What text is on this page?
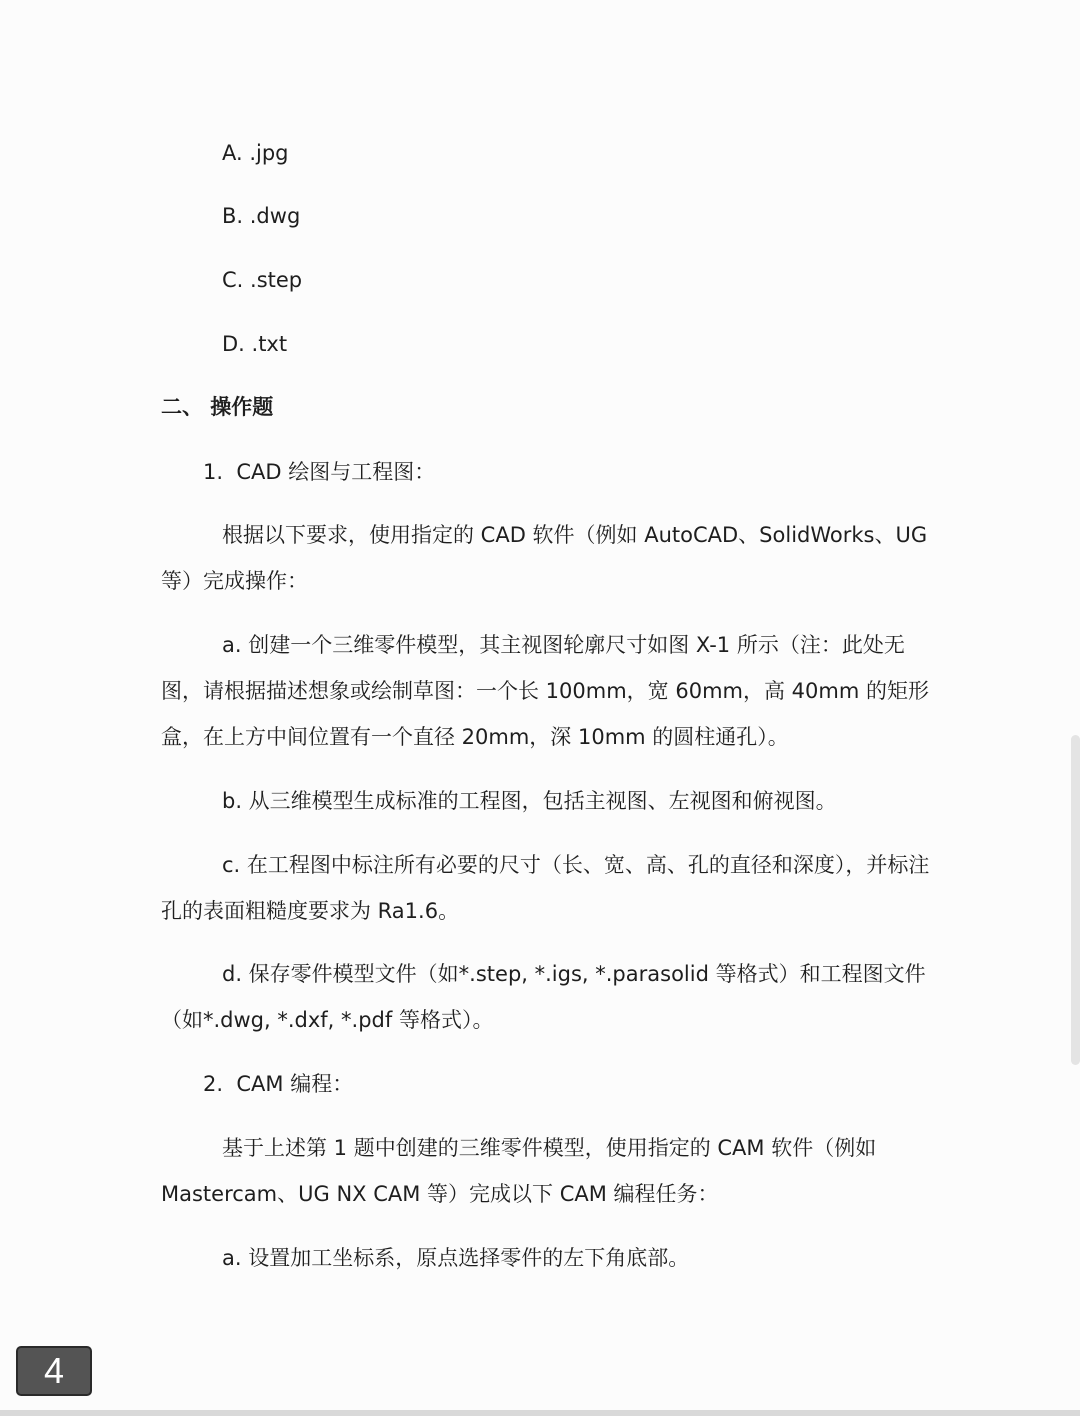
A. .jpg

B. .dwg

C. .step

D. .txt

二、 操作题

1.  CAD 绘图与工程图：

根据以下要求，使用指定的 CAD 软件（例如 AutoCAD、SolidWorks、UG 等）完成操作：

a. 创建一个三维零件模型，其主视图轮廓尺寸如图 X-1 所示（注：此处无图，请根据描述想象或绘制草图：一个长 100mm，宽 60mm，高 40mm 的矩形盒，在上方中间位置有一个直径 20mm，深 10mm 的圆柱通孔）。

b. 从三维模型生成标准的工程图，包括主视图、左视图和俯视图。

c. 在工程图中标注所有必要的尺寸（长、宽、高、孔的直径和深度），并标注孔的表面粗糙度要求为 Ra1.6。

d. 保存零件模型文件（如*.step, *.igs, *.parasolid 等格式）和工程图文件（如*.dwg, *.dxf, *.pdf 等格式）。

2.  CAM 编程：

基于上述第 1 题中创建的三维零件模型，使用指定的 CAM 软件（例如 Mastercam、UG NX CAM 等）完成以下 CAM 编程任务：

a. 设置加工坐标系，原点选择零件的左下角底部。

4
